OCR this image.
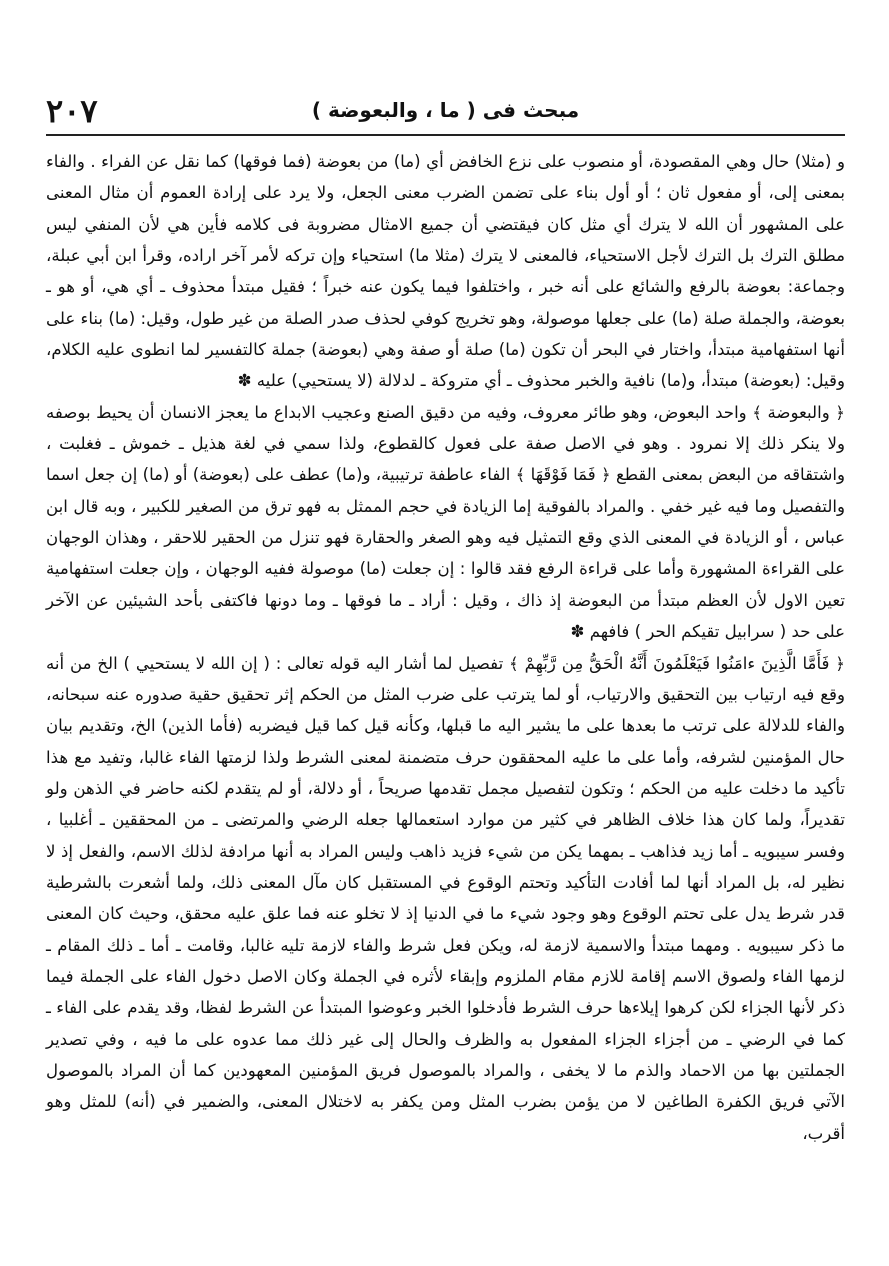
٢٠٧	مبحث فى ( ما ، والبعوضة )

و (مثلا) حال وهي المقصودة، أو منصوب على نزع الخافض أي (ما) من بعوضة (فما فوقها) كما نقل عن الفراء . والفاء بمعنى إلى، أو مفعول ثان ؛ أو أول بناء على تضمن الضرب معنى الجعل، ولا يرد على إرادة العموم أن مثال المعنى على المشهور أن الله لا يترك أي مثل كان فيقتضي أن جميع الامثال مضروبة فى كلامه فأين هي لأن المنفي ليس مطلق الترك بل الترك لأجل الاستحياء، فالمعنى لا يترك (مثلا ما) استحياء وإن تركه لأمر آخر اراده، وقرأ ابن أبي عبلة، وجماعة: بعوضة بالرفع والشائع على أنه خبر ، واختلفوا فيما يكون عنه خبراً ؛ فقيل مبتدأ محذوف ـ أي هي، أو هو ـ بعوضة، والجملة صلة (ما) على جعلها موصولة، وهو تخريج كوفي لحذف صدر الصلة من غير طول، وقيل: (ما) بناء على أنها استفهامية مبتدأ، واختار في البحر أن تكون (ما) صلة أو صفة وهي (بعوضة) جملة كالتفسير لما انطوى عليه الكلام، وقيل: (بعوضة) مبتدأ، و(ما) نافية والخبر محذوف ـ أي متروكة ـ لدلالة (لا يستحيي) عليه ✽

﴿ والبعوضة ﴾ واحد البعوض، وهو طائر معروف، وفيه من دقيق الصنع وعجيب الابداع ما يعجز الانسان أن يحيط بوصفه ولا ينكر ذلك إلا نمرود . وهو في الاصل صفة على فعول كالقطوع، ولذا سمي في لغة هذيل ـ خموش ـ فغلبت ، واشتقاقه من البعض بمعنى القطع ﴿ فَمَا فَوْقَهَا ﴾ الفاء عاطفة ترتيبية، و(ما) عطف على (بعوضة) أو (ما) إن جعل اسما والتفصيل وما فيه غير خفي . والمراد بالفوقية إما الزيادة في حجم الممثل به فهو ترق من الصغير للكبير ، وبه قال ابن عباس ، أو الزيادة في المعنى الذي وقع التمثيل فيه وهو الصغر والحقارة فهو تنزل من الحقير للاحقر ، وهذان الوجهان على القراءة المشهورة وأما على قراءة الرفع فقد قالوا : إن جعلت (ما) موصولة ففيه الوجهان ، وإن جعلت استفهامية تعين الاول لأن العظم مبتدأ من البعوضة إذ ذاك ، وقيل : أراد ـ ما فوقها ـ وما دونها فاكتفى بأحد الشيئين عن الآخر على حد ( سرابيل تقيكم الحر ) فافهم ✽

﴿ فَأَمَّا الَّذِينَ ءامَنُوا فَيَعْلَمُونَ أَنَّهُ الْحَقُّ مِن رَّبِّهِمْ ﴾ تفصيل لما أشار اليه قوله تعالى : ( إن الله لا يستحيي ) الخ من أنه وقع فيه ارتياب بين التحقيق والارتياب، أو لما يترتب على ضرب المثل من الحكم إثر تحقيق حقية صدوره عنه سبحانه، والفاء للدلالة على ترتب ما بعدها على ما يشير اليه ما قبلها، وكأنه قيل كما قيل فيضربه (فأما الذين) الخ، وتقديم بيان حال المؤمنين لشرفه، وأما على ما عليه المحققون حرف متضمنة لمعنى الشرط ولذا لزمتها الفاء غالبا، وتفيد مع هذا تأكيد ما دخلت عليه من الحكم ؛ وتكون لتفصيل مجمل تقدمها صريحاً ، أو دلالة، أو لم يتقدم لكنه حاضر في الذهن ولو تقديراً، ولما كان هذا خلاف الظاهر في كثير من موارد استعمالها جعله الرضي والمرتضى ـ من المحققين ـ أغلبيا ، وفسر سيبويه ـ أما زيد فذاهب ـ بمهما يكن من شيء فزيد ذاهب وليس المراد به أنها مرادفة لذلك الاسم، والفعل إذ لا نظير له، بل المراد أنها لما أفادت التأكيد وتحتم الوقوع في المستقبل كان مآل المعنى ذلك، ولما أشعرت بالشرطية قدر شرط يدل على تحتم الوقوع وهو وجود شيء ما في الدنيا إذ لا تخلو عنه فما علق عليه محقق، وحيث كان المعنى ما ذكر سيبويه . ومهما مبتدأ والاسمية لازمة له، ويكن فعل شرط والفاء لازمة تليه غالبا، وقامت ـ أما ـ ذلك المقام ـ لزمها الفاء ولصوق الاسم إقامة للازم مقام الملزوم وإبقاء لأثره في الجملة وكان الاصل دخول الفاء على الجملة فيما ذكر لأنها الجزاء لكن كرهوا إيلاءها حرف الشرط فأدخلوا الخبر وعوضوا المبتدأ عن الشرط لفظا، وقد يقدم على الفاء ـ كما في الرضي ـ من أجزاء الجزاء المفعول به والظرف والحال إلى غير ذلك مما عدوه على ما فيه ، وفي تصدير الجملتين بها من الاحماد والذم ما لا يخفى ، والمراد بالموصول فريق المؤمنين المعهودين كما أن المراد بالموصول الآتي فريق الكفرة الطاغين لا من يؤمن بضرب المثل ومن يكفر به لاختلال المعنى، والضمير في (أنه) للمثل وهو أقرب،
